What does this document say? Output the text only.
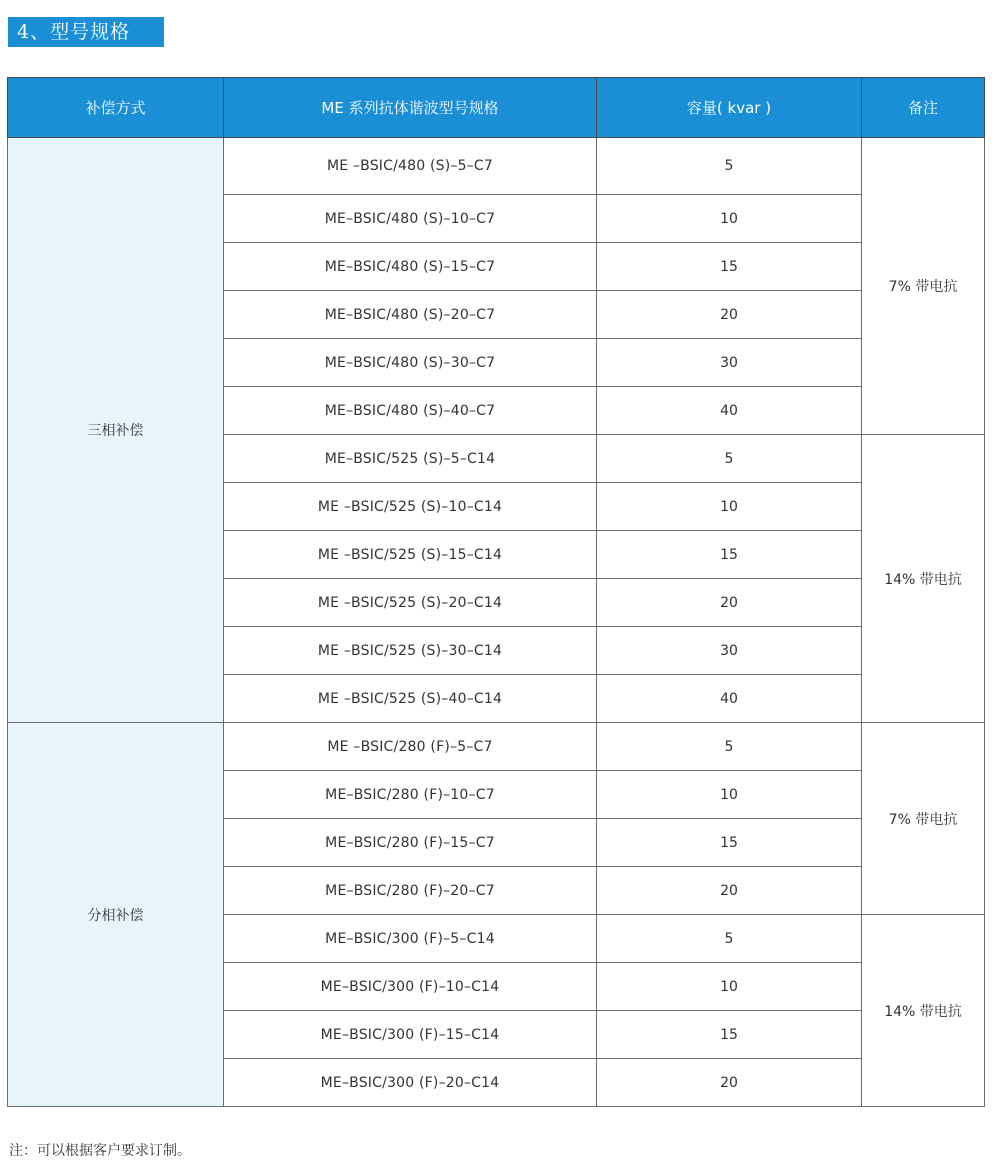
4、型号规格
补偿方式	ME 系列抗体谐波型号规格	容量( kvar )	备注
三相补偿	ME –BSIC/480 (S)–5–C7	5	7% 带电抗
	ME–BSIC/480 (S)–10–C7	10	
	ME–BSIC/480 (S)–15–C7	15	
	ME–BSIC/480 (S)–20–C7	20	
	ME–BSIC/480 (S)–30–C7	30	
	ME–BSIC/480 (S)–40–C7	40	
	ME–BSIC/525 (S)–5–C14	5	14% 带电抗
	ME –BSIC/525 (S)–10–C14	10	
	ME –BSIC/525 (S)–15–C14	15	
	ME –BSIC/525 (S)–20–C14	20	
	ME –BSIC/525 (S)–30–C14	30	
	ME –BSIC/525 (S)–40–C14	40	
分相补偿	ME –BSIC/280 (F)–5–C7	5	7% 带电抗
	ME–BSIC/280 (F)–10–C7	10	
	ME–BSIC/280 (F)–15–C7	15	
	ME–BSIC/280 (F)–20–C7	20	
	ME–BSIC/300 (F)–5–C14	5	14% 带电抗
	ME–BSIC/300 (F)–10–C14	10	
	ME–BSIC/300 (F)–15–C14	15	
	ME–BSIC/300 (F)–20–C14	20	
注：可以根据客户要求订制。
